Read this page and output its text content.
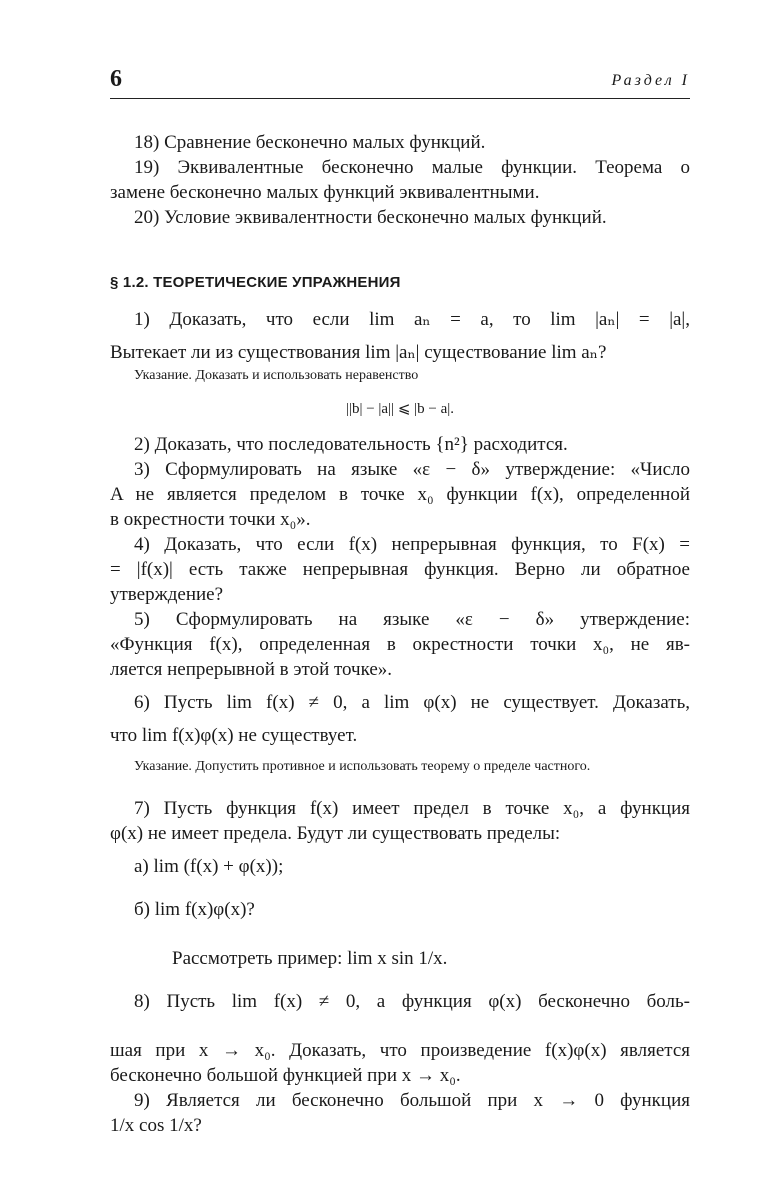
6	Раздел I
18) Сравнение бесконечно малых функций.
19) Эквивалентные бесконечно малые функции. Теорема о
замене бесконечно малых функций эквивалентными.
20) Условие эквивалентности бесконечно малых функций.
§ 1.2. ТЕОРЕТИЧЕСКИЕ УПРАЖНЕНИЯ
1) Доказать, что если lim aₙ = a, то lim |aₙ| = |a|,
Вытекает ли из существования lim |aₙ| существование lim aₙ?
Указание. Доказать и использовать неравенство
||b| − |a|| ⩽ |b − a|.
2) Доказать, что последовательность {n²} расходится.
3) Сформулировать на языке «ε − δ» утверждение: «Число
A не является пределом в точке x₀ функции f(x), определенной
в окрестности точки x₀».
4) Доказать, что если f(x) непрерывная функция, то F(x) =
= |f(x)| есть также непрерывная функция. Верно ли обратное
утверждение?
5) Сформулировать на языке «ε − δ» утверждение:
«Функция f(x), определенная в окрестности точки x₀, не яв-
ляется непрерывной в этой точке».
6) Пусть lim f(x) ≠ 0, а lim φ(x) не существует. Доказать,
что lim f(x)φ(x) не существует.
Указание. Допустить противное и использовать теорему о пределе частного.
7) Пусть функция f(x) имеет предел в точке x₀, а функция
φ(x) не имеет предела. Будут ли существовать пределы:
а) lim (f(x) + φ(x));
б) lim f(x)φ(x)?
Рассмотреть пример: lim x sin 1/x.
8) Пусть lim f(x) ≠ 0, а функция φ(x) бесконечно боль-
шая при x → x₀. Доказать, что произведение f(x)φ(x) является
бесконечно большой функцией при x → x₀.
9) Является ли бесконечно большой при x → 0 функция
1/x cos 1/x?
